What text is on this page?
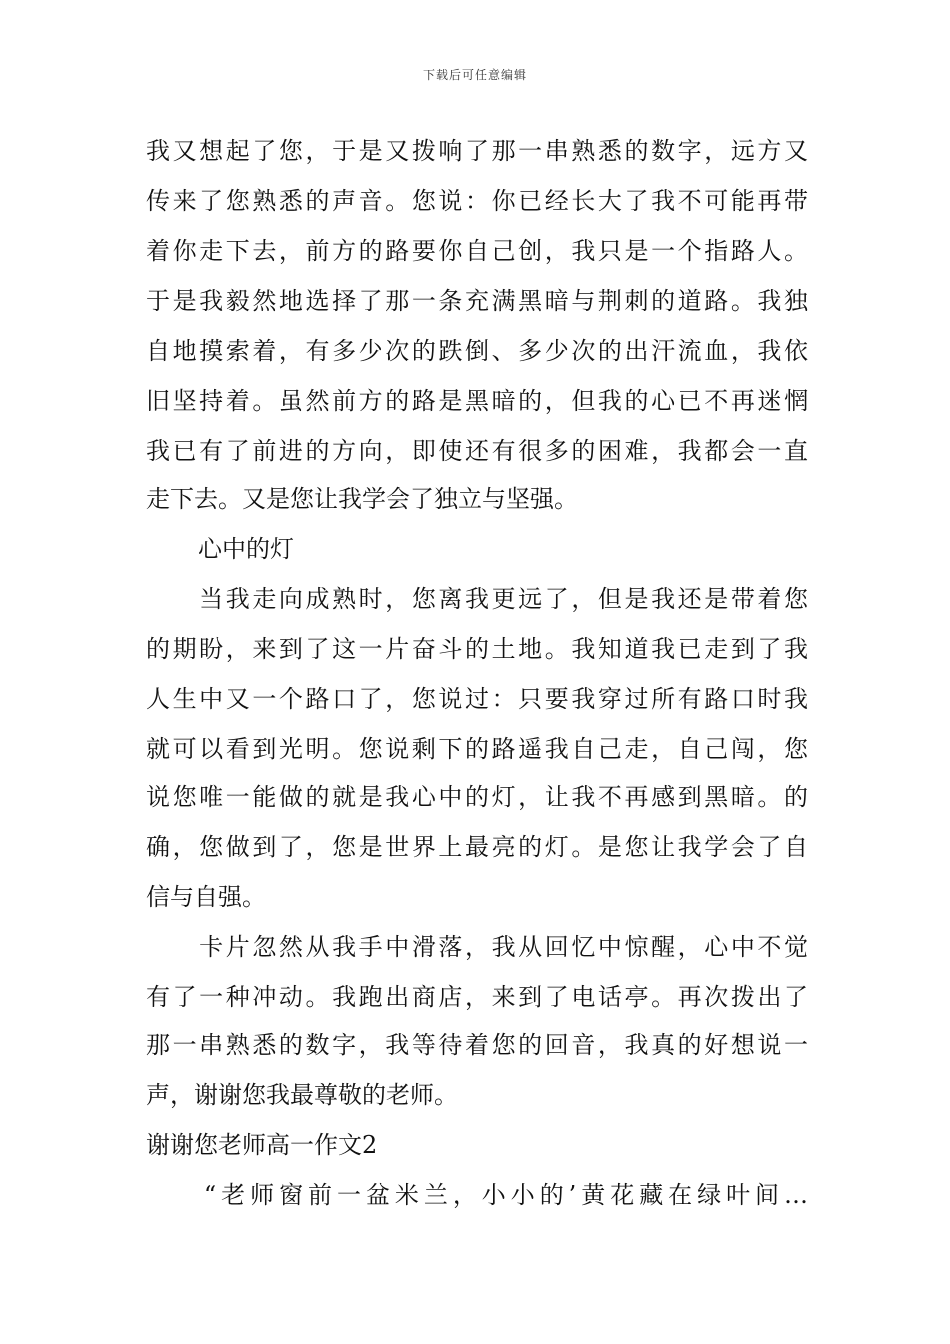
下载后可任意编辑
我又想起了您，于是又拨响了那一串熟悉的数字，远方又
传来了您熟悉的声音。您说：你已经长大了我不可能再带
着你走下去，前方的路要你自己创，我只是一个指路人。
于是我毅然地选择了那一条充满黑暗与荆刺的道路。我独
自地摸索着，有多少次的跌倒、多少次的出汗流血，我依
旧坚持着。虽然前方的路是黑暗的，但我的心已不再迷惘
我已有了前进的方向，即使还有很多的困难，我都会一直
走下去。又是您让我学会了独立与坚强。
心中的灯
　　当我走向成熟时，您离我更远了，但是我还是带着您
的期盼，来到了这一片奋斗的土地。我知道我已走到了我
人生中又一个路口了，您说过：只要我穿过所有路口时我
就可以看到光明。您说剩下的路遥我自己走，自己闯，您
说您唯一能做的就是我心中的灯，让我不再感到黑暗。的
确，您做到了，您是世界上最亮的灯。是您让我学会了自
信与自强。
　　卡片忽然从我手中滑落，我从回忆中惊醒，心中不觉
有了一种冲动。我跑出商店，来到了电话亭。再次拨出了
那一串熟悉的数字，我等待着您的回音，我真的好想说一
声，谢谢您我最尊敬的老师。
谢谢您老师高一作文2
　　“老师窗前一盆米兰，小小的’黄花藏在绿叶间…
